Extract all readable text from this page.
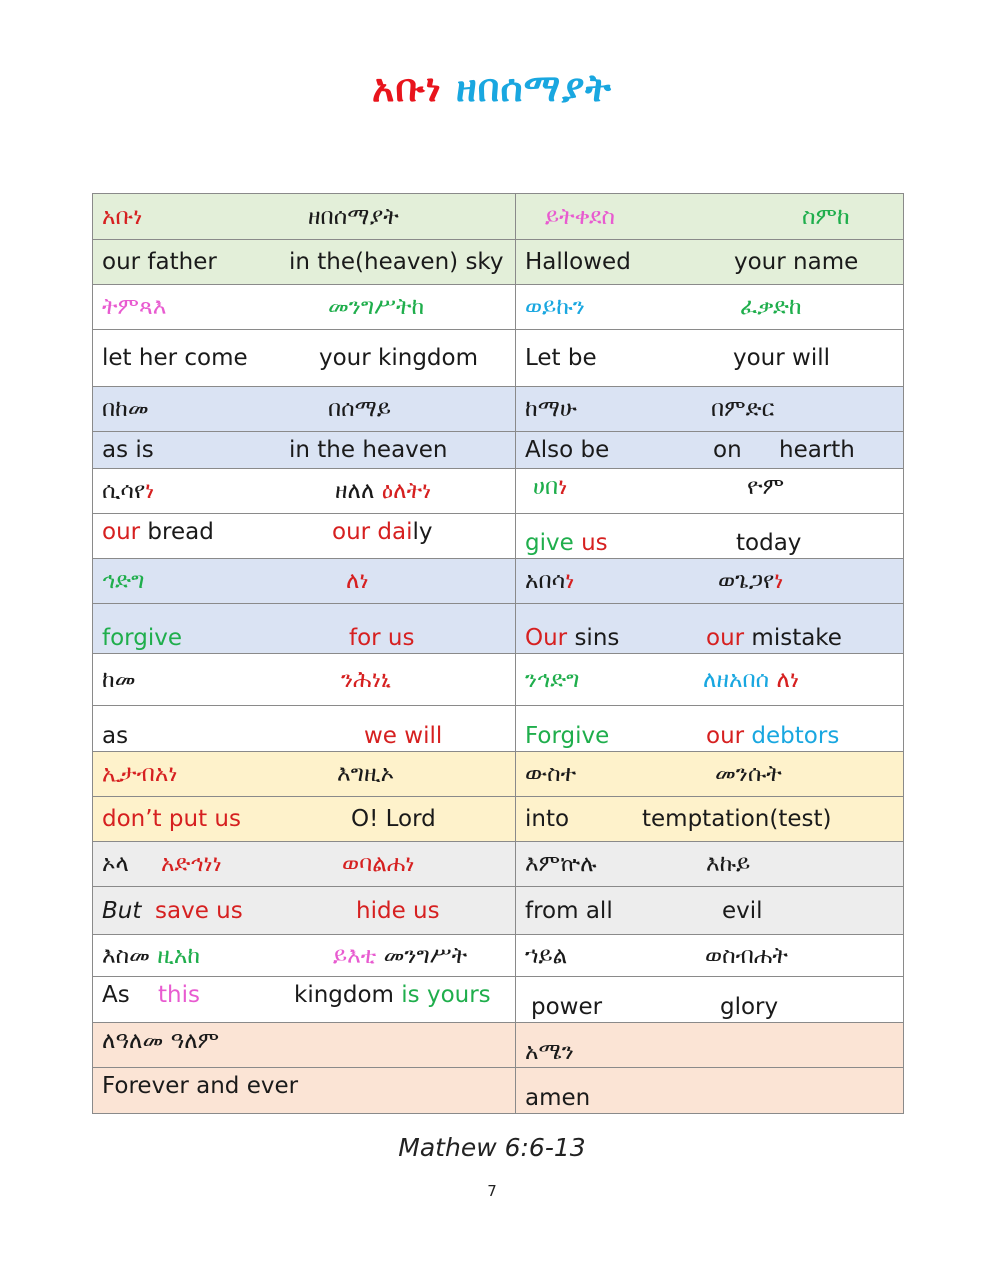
አቡነ ዘበሰማያት
አቡነ ዘበሰማያት	ይትቀደስ ስምከ

our father in the(heaven) sky	Hallowed your name

ትምጻእ መንግሥትከ	ወይኩን ፈቃድከ

let her come your kingdom	Let be your will

በከመ በሰማይ	ከማሁ በምድር

as is in the heaven	Also be on hearth

ሲሳየነ ዘለለ ዕለትነ	ሀበነ ዮም

our bread our daily	give us today

ኅድግ ለነ	አበሳነ ወጌጋየነ

forgive for us	Our sins our mistake

ከመ ንሕነኒ	ንኅድግ ለዘአበሰ ለነ

as we will	Forgive our debtors

ኢታብአነ እግዚኦ	ውስተ መንሱት

don’t put us O! Lord	into temptation(test)

ኦላ አድኅነነ ወባልሐነ	እምኵሉ እኩይ

But save us hide us	from all evil

እስመ ዚአከ ይእቲ መንግሥት	ኀይል ወስብሐት

As this kingdom is yours	power glory

ለዓለመ ዓለም	አሜን

Forever and ever	amen
Mathew 6:6-13
7
